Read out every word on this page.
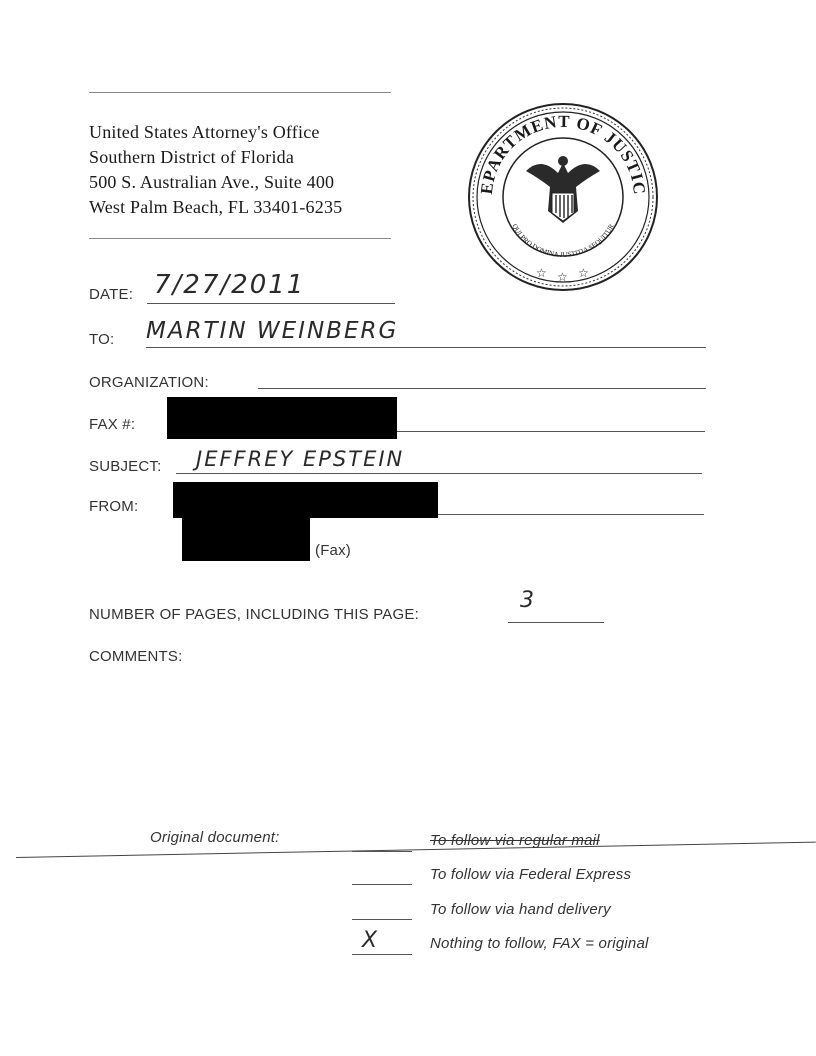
United States Attorney's Office
Southern District of Florida
500 S. Australian Ave., Suite 400
West Palm Beach, FL 33401-6235
EPARTMENT OF JUSTIC
QUI PRO DOMINA JUSTITIA SEQUITUR
☆ ☆ ☆
DATE: 7/27/2011
TO: MARTIN WEINBERG
ORGANIZATION:
FAX #:
SUBJECT: JEFFREY EPSTEIN
FROM:
(Fax)
NUMBER OF PAGES, INCLUDING THIS PAGE:
3
COMMENTS:
Original document:	To follow via regular mail
To follow via Federal Express
To follow via hand delivery
X	Nothing to follow, FAX = original
